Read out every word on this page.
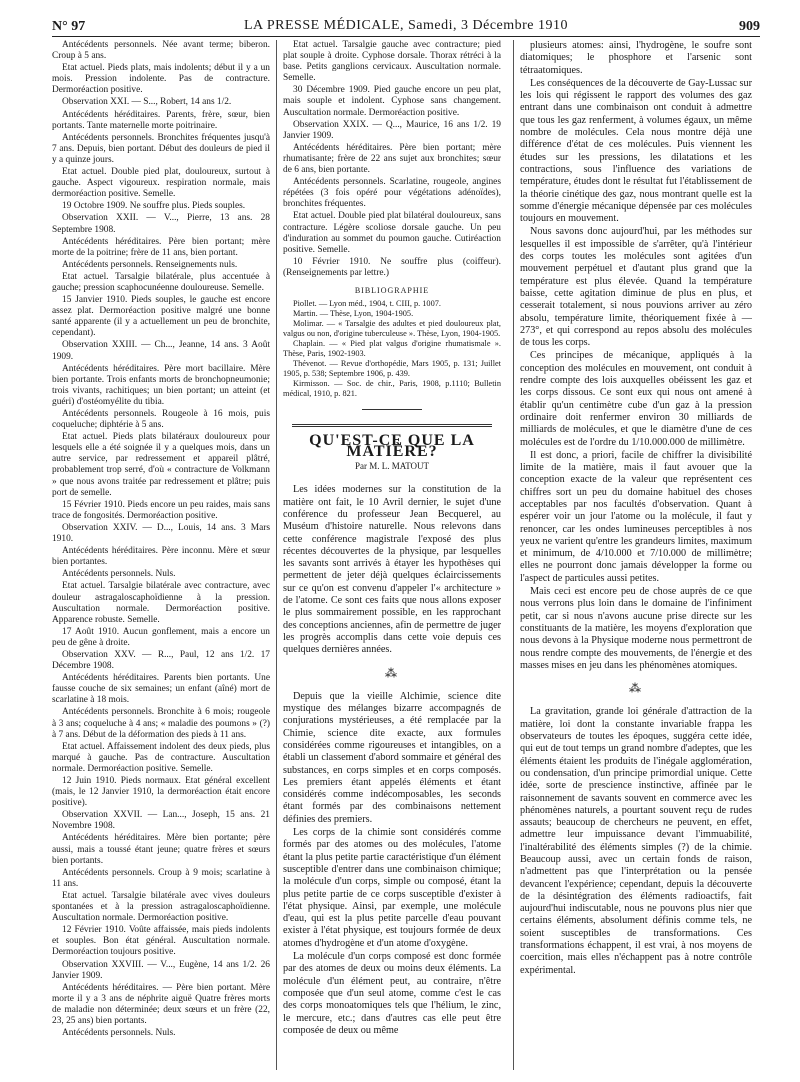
N° 97	LA PRESSE MÉDICALE, Samedi, 3 Décembre 1910	909

Antécédents personnels. Née avant terme; biberon. Croup à 5 ans.

Etat actuel. Pieds plats, mais indolents; début il y a un mois. Pression indolente. Pas de contracture. Dermoréaction positive.

Observation XXI. — S..., Robert, 14 ans 1/2.

Antécédents héréditaires. Parents, frère, sœur, bien portants. Tante maternelle morte poitrinaire.

Antécédents personnels. Bronchites fréquentes jusqu'à 7 ans. Depuis, bien portant. Début des douleurs de pied il y a quinze jours.

Etat actuel. Double pied plat, douloureux, surtout à gauche. Aspect vigoureux. respiration normale, mais dermoréaction positive. Semelle.

19 Octobre 1909. Ne souffre plus. Pieds souples.

Observation XXII. — V..., Pierre, 13 ans. 28 Septembre 1908.

Antécédents héréditaires. Père bien portant; mère morte de la poitrine; frère de 11 ans, bien portant.

Antécédents personnels. Renseignements nuls.

Etat actuel. Tarsalgie bilatérale, plus accentuée à gauche; pression scaphocunéenne douloureuse. Semelle.

15 Janvier 1910. Pieds souples, le gauche est encore assez plat. Dermoréaction positive malgré une bonne santé apparente (il y a actuellement un peu de bronchite, cependant).

Observation XXIII. — Ch..., Jeanne, 14 ans. 3 Août 1909.

Antécédents héréditaires. Père mort bacillaire. Mère bien portante. Trois enfants morts de bronchopneumonie; trois vivants, rachitiques; un bien portant; un atteint (et guéri) d'ostéomyélite du tibia.

Antécédents personnels. Rougeole à 16 mois, puis coqueluche; diphtérie à 5 ans.

Etat actuel. Pieds plats bilatéraux douloureux pour lesquels elle a été soignée il y a quelques mois, dans un autre service, par redressement et appareil plâtré, probablement trop serré, d'où « contracture de Volkmann » que nous avons traitée par redressement et plâtre; puis port de semelle.

15 Février 1910. Pieds encore un peu raides, mais sans trace de fongosités. Dermoréaction positive.

Observation XXIV. — D..., Louis, 14 ans. 3 Mars 1910.

Antécédents héréditaires. Père inconnu. Mère et sœur bien portantes.

Antécédents personnels. Nuls.

Etat actuel. Tarsalgie bilatérale avec contracture, avec douleur astragaloscaphoïdienne à la pression. Auscultation normale. Dermoréaction positive. Apparence robuste. Semelle.

17 Août 1910. Aucun gonflement, mais a encore un peu de gêne à droite.

Observation XXV. — R..., Paul, 12 ans 1/2. 17 Décembre 1908.

Antécédents héréditaires. Parents bien portants. Une fausse couche de six semaines; un enfant (aîné) mort de scarlatine à 18 mois.

Antécédents personnels. Bronchite à 6 mois; rougeole à 3 ans; coqueluche à 4 ans; « maladie des poumons » (?) à 7 ans. Début de la déformation des pieds à 11 ans.

Etat actuel. Affaissement indolent des deux pieds, plus marqué à gauche. Pas de contracture. Auscultation normale. Dermoréaction positive. Semelle.

12 Juin 1910. Pieds normaux. Etat général excellent (mais, le 12 Janvier 1910, la dermoréaction était encore positive).

Observation XXVII. — Lan..., Joseph, 15 ans. 21 Novembre 1908.

Antécédents héréditaires. Mère bien portante; père aussi, mais a toussé étant jeune; quatre frères et sœurs bien portants.

Antécédents personnels. Croup à 9 mois; scarlatine à 11 ans.

Etat actuel. Tarsalgie bilatérale avec vives douleurs spontanées et à la pression astragaloscaphoïdienne. Auscultation normale. Dermoréaction positive.

12 Février 1910. Voûte affaissée, mais pieds indolents et souples. Bon état général. Auscultation normale. Dermoréaction toujours positive.

Observation XXVIII. — V..., Eugène, 14 ans 1/2. 26 Janvier 1909.

Antécédents héréditaires. — Père bien portant. Mère morte il y a 3 ans de néphrite aiguë Quatre frères morts de maladie non déterminée; deux sœurs et un frère (22, 23, 25 ans) bien portants.

Antécédents personnels. Nuls.

Etat actuel. Tarsalgie gauche avec contracture; pied plat souple à droite. Cyphose dorsale. Thorax rétréci à la base. Petits ganglions cervicaux. Auscultation normale. Semelle.

30 Décembre 1909. Pied gauche encore un peu plat, mais souple et indolent. Cyphose sans changement. Auscultation normale. Dermoréaction positive.

Observation XXIX. — Q..., Maurice, 16 ans 1/2. 19 Janvier 1909.

Antécédents héréditaires. Père bien portant; mère rhumatisante; frère de 22 ans sujet aux bronchites; sœur de 6 ans, bien portante.

Antécédents personnels. Scarlatine, rougeole, angines répétées (3 fois opéré pour végétations adénoïdes), bronchites fréquentes.

Etat actuel. Double pied plat bilatéral douloureux, sans contracture. Légère scoliose dorsale gauche. Un peu d'induration au sommet du poumon gauche. Cutiréaction positive. Semelle.

10 Février 1910. Ne souffre plus (coiffeur). (Renseignements par lettre.)

BIBLIOGRAPHIE

Piollet. — Lyon méd., 1904, t. CIII, p. 1007.

Martin. — Thèse, Lyon, 1904-1905.

Molimar. — « Tarsalgie des adultes et pied douloureux plat, valgus ou non, d'origine tuberculeuse ». Thèse, Lyon, 1904-1905.

Chaplain. — « Pied plat valgus d'origine rhumatismale ». Thèse, Paris, 1902-1903.

Thévenot. — Revue d'orthopédie, Mars 1905, p. 131; Juillet 1905, p. 538; Septembre 1906, p. 439.

Kirmisson. — Soc. de chir., Paris, 1908, p.1110; Bulletin médical, 1910, p. 821.

QU'EST-CE QUE LA MATIÈRE?

Par M. L. MATOUT

Les idées modernes sur la constitution de la matière ont fait, le 10 Avril dernier, le sujet d'une conférence du professeur Jean Becquerel, au Muséum d'histoire naturelle. Nous relevons dans cette conférence magistrale l'exposé des plus récentes découvertes de la physique, par lesquelles les savants sont arrivés à étayer les hypothèses qui permettent de jeter déjà quelques éclaircissements sur ce qu'on est convenu d'appeler l'« architecture » de l'atome. Ce sont ces faits que nous allons exposer le plus sommairement possible, en les rapprochant des conceptions anciennes, afin de permettre de juger les progrès accomplis dans cette voie depuis ces quelques dernières années.

⁂

Depuis que la vieille Alchimie, science dite mystique des mélanges bizarre accompagnés de conjurations mystérieuses, a été remplacée par la Chimie, science dite exacte, aux formules considérées comme rigoureuses et intangibles, on a établi un classement d'abord sommaire et général des substances, en corps simples et en corps composés. Les premiers étant appelés éléments et étant considérés comme indécomposables, les seconds étant formés par des combinaisons nettement définies des premiers.

Les corps de la chimie sont considérés comme formés par des atomes ou des molécules, l'atome étant la plus petite partie caractéristique d'un élément susceptible d'entrer dans une combinaison chimique; la molécule d'un corps, simple ou composé, étant la plus petite partie de ce corps susceptible d'exister à l'état physique. Ainsi, par exemple, une molécule d'eau, qui est la plus petite parcelle d'eau pouvant exister à l'état physique, est toujours formée de deux atomes d'hydrogène et d'un atome d'oxygène.

La molécule d'un corps composé est donc formée par des atomes de deux ou moins deux éléments. La molécule d'un élément peut, au contraire, n'être composée que d'un seul atome, comme c'est le cas des corps monoatomiques tels que l'hélium, le zinc, le mercure, etc.; dans d'autres cas elle peut être composée de deux ou même

plusieurs atomes: ainsi, l'hydrogène, le soufre sont diatomiques; le phosphore et l'arsenic sont tétraatomiques.

Les conséquences de la découverte de Gay-Lussac sur les lois qui régissent le rapport des volumes des gaz entrant dans une combinaison ont conduit à admettre que tous les gaz renferment, à volumes égaux, un même nombre de molécules. Cela nous montre déjà une différence d'état de ces molécules. Puis viennent les études sur les pressions, les dilatations et les contractions, sous l'influence des variations de température, études dont le résultat fut l'établissement de la théorie cinétique des gaz, nous montrant quelle est la somme d'énergie mécanique dépensée par ces molécules toujours en mouvement.

Nous savons donc aujourd'hui, par les méthodes sur lesquelles il est impossible de s'arrêter, qu'à l'intérieur des corps toutes les molécules sont agitées d'un mouvement perpétuel et d'autant plus grand que la température est plus élevée. Quand la température baisse, cette agitation diminue de plus en plus, et cesserait totalement, si nous pouvions arriver au zéro absolu, température limite, théoriquement fixée à — 273°, et qui correspond au repos absolu des molécules de tous les corps.

Ces principes de mécanique, appliqués à la conception des molécules en mouvement, ont conduit à rendre compte des lois auxquelles obéissent les gaz et les corps dissous. Ce sont eux qui nous ont amené à établir qu'un centimètre cube d'un gaz à la pression ordinaire doit renfermer environ 30 milliards de milliards de molécules, et que le diamètre d'une de ces molécules est de l'ordre du 1/10.000.000 de millimètre.

Il est donc, a priori, facile de chiffrer la divisibilité limite de la matière, mais il faut avouer que la conception exacte de la valeur que représentent ces chiffres sort un peu du domaine habituel des choses acceptables par nos facultés d'observation. Quant à espérer voir un jour l'atome ou la molécule, il faut y renoncer, car les ondes lumineuses perceptibles à nos yeux ne varient qu'entre les grandeurs limites, maximum et minimum, de 4/10.000 et 7/10.000 de millimètre; elles ne pourront donc jamais développer la forme ou l'aspect de particules aussi petites.

Mais ceci est encore peu de chose auprès de ce que nous verrons plus loin dans le domaine de l'infiniment petit, car si nous n'avons aucune prise directe sur les constituants de la matière, les moyens d'exploration que nous devons à la Physique moderne nous permettront de nous rendre compte des mouvements, de l'énergie et des masses mises en jeu dans les phénomènes atomiques.

⁂

La gravitation, grande loi générale d'attraction de la matière, loi dont la constante invariable frappa les observateurs de toutes les époques, suggéra cette idée, qui eut de tout temps un grand nombre d'adeptes, que les éléments étaient les produits de l'inégale agglomération, ou condensation, d'un principe primordial unique. Cette idée, sorte de prescience instinctive, affinée par le raisonnement de savants souvent en commerce avec les phénomènes naturels, a pourtant souvent reçu de rudes assauts; beaucoup de chercheurs ne peuvent, en effet, admettre leur impuissance devant l'immuabilité, l'inaltérabilité des éléments simples (?) de la chimie. Beaucoup aussi, avec un certain fonds de raison, n'admettent pas que l'interprétation ou la pensée devancent l'expérience; cependant, depuis la découverte de la désintégration des éléments radioactifs, fait aujourd'hui indiscutable, nous ne pouvons plus nier que certains éléments, absolument définis comme tels, ne soient susceptibles de transformations. Ces transformations échappent, il est vrai, à nos moyens de coercition, mais elles n'échappent pas à notre contrôle expérimental.
